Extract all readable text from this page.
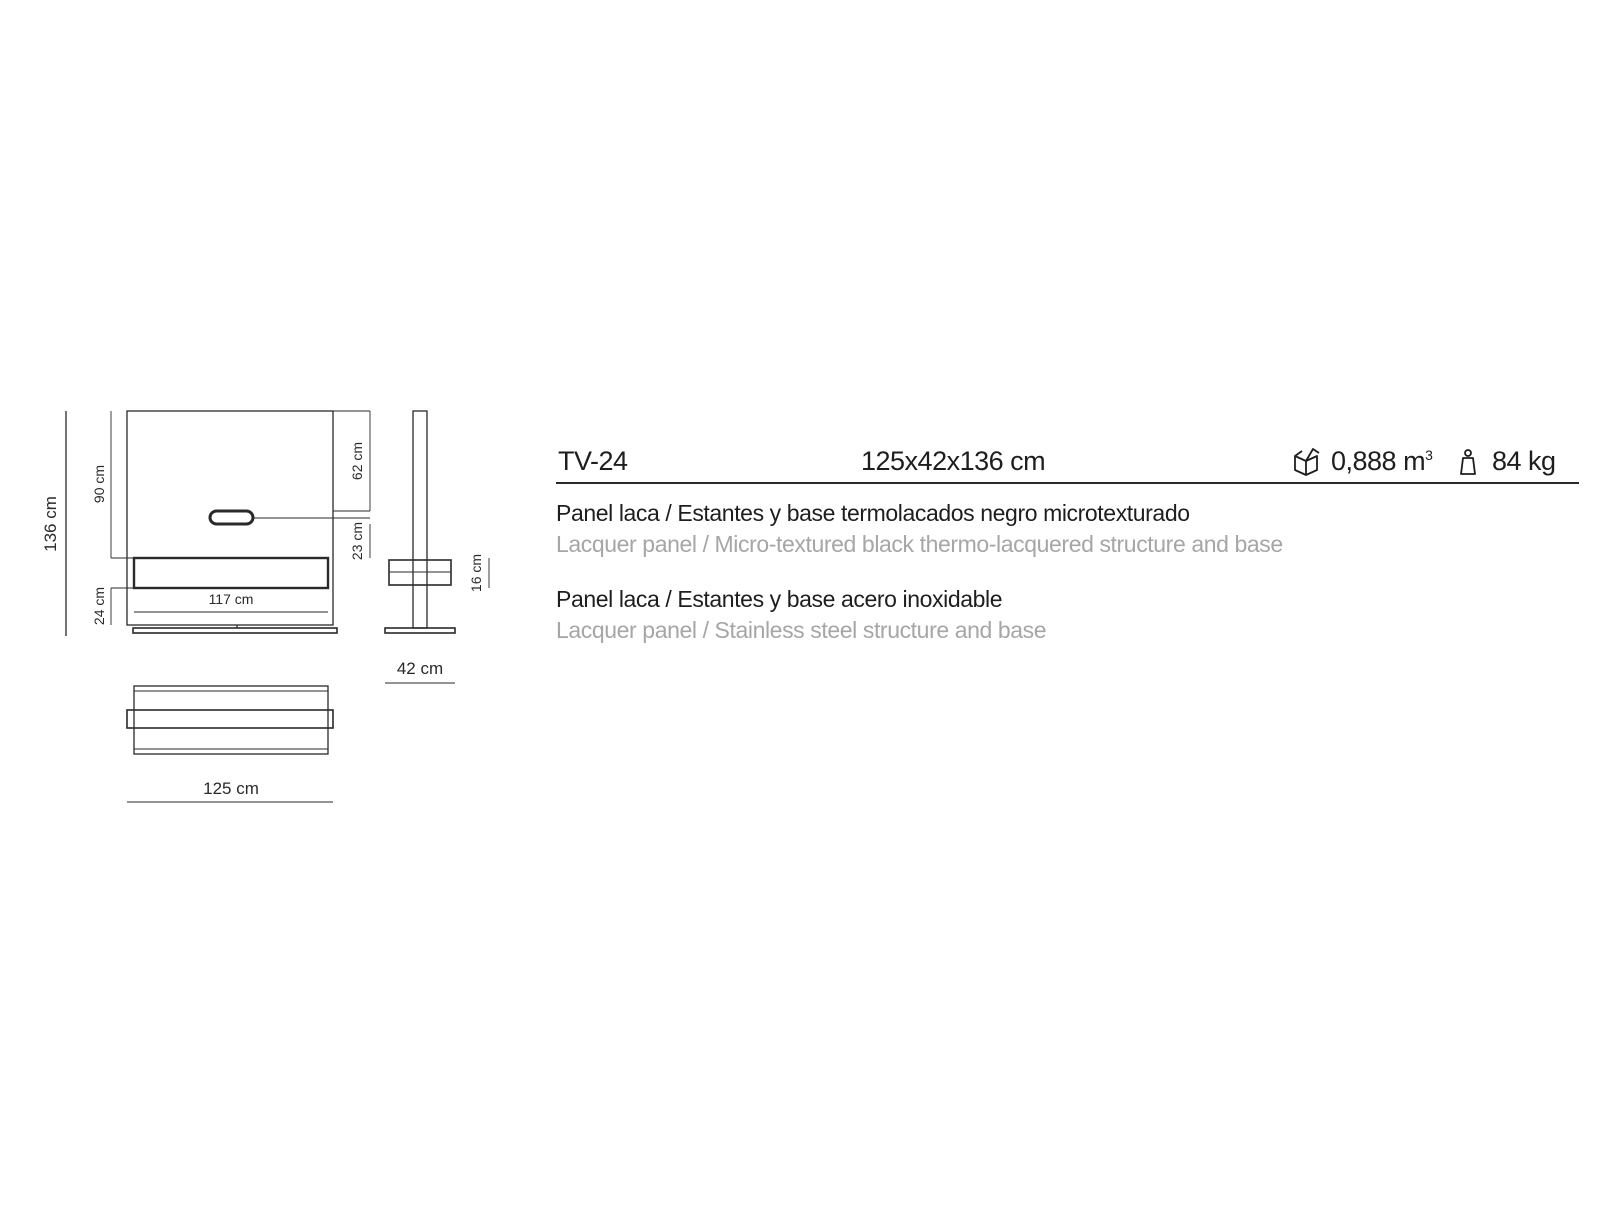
136 cm
90 cm
24 cm	117 cm
62 cm
23 cm
16 cm
42 cm
125 cm
TV-24	125x42x136 cm	0,888 $m^3$ 84 kg
Panel laca / Estantes y base termolacados negro microtexturado
Lacquer panel / Micro-textured black thermo-lacquered structure and base
Panel laca / Estantes y base acero inoxidable
Lacquer panel / Stainless steel structure and base
